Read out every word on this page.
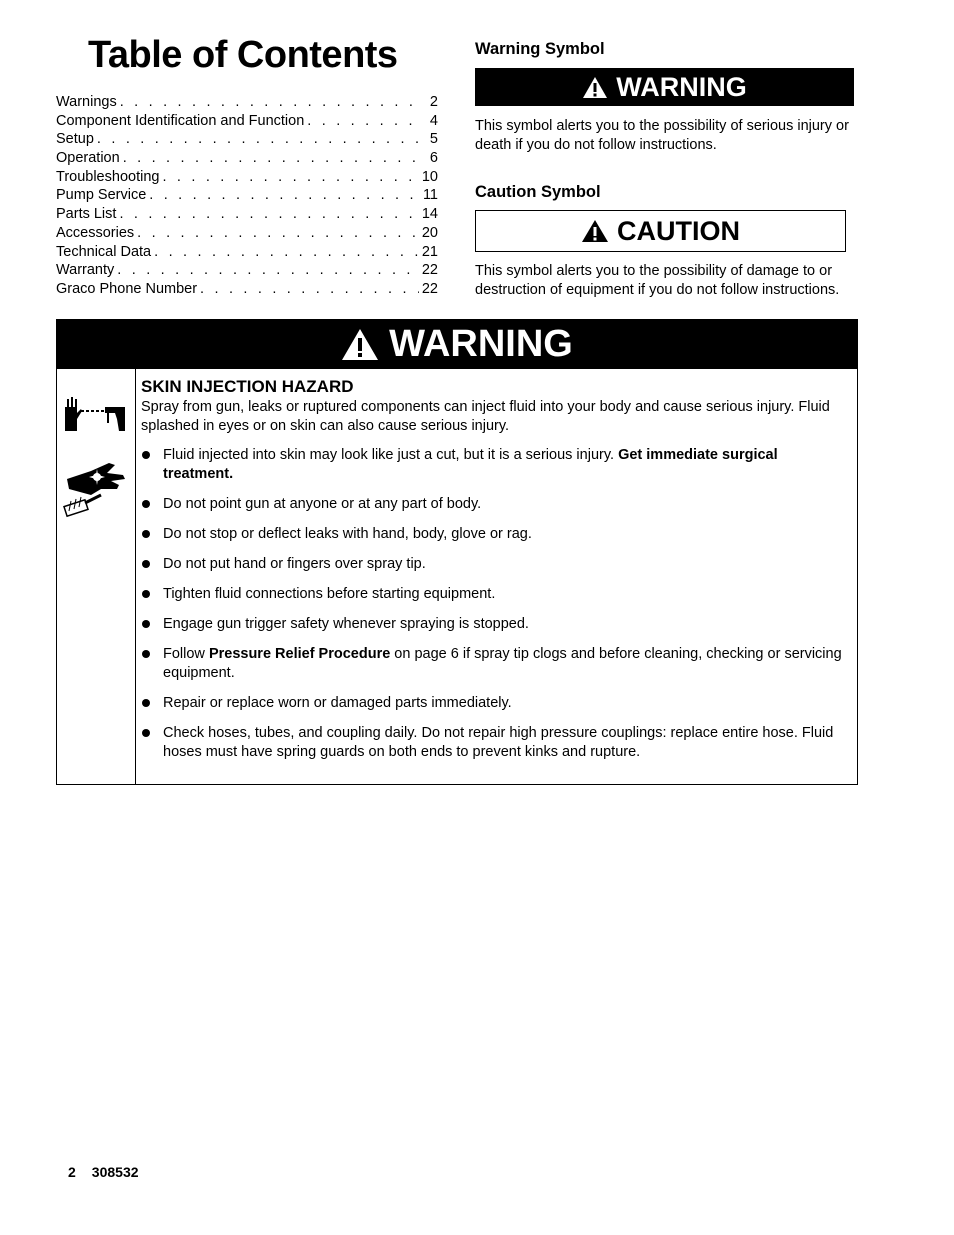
Table of Contents
Warnings . . .	2
Component Identification and Function . . .	4
Setup . . .	5
Operation . . .	6
Troubleshooting . . .	10
Pump Service . . .	11
Parts List . . .	14
Accessories . . .	20
Technical Data . . .	21
Warranty . . .	22
Graco Phone Number . . .	22
Warning Symbol
WARNING

This symbol alerts you to the possibility of serious injury or death if you do not follow instructions.

Caution Symbol
CAUTION

This symbol alerts you to the possibility of damage to or destruction of equipment if you do not follow instructions.

WARNING

SKIN INJECTION HAZARD

Spray from gun, leaks or ruptured components can inject fluid into your body and cause serious injury. Fluid splashed in eyes or on skin can also cause serious injury.

Fluid injected into skin may look like just a cut, but it is a serious injury. Get immediate surgical treatment.
Do not point gun at anyone or at any part of body.
Do not stop or deflect leaks with hand, body, glove or rag.
Do not put hand or fingers over spray tip.
Tighten fluid connections before starting equipment.
Engage gun trigger safety whenever spraying is stopped.
Follow Pressure Relief Procedure on page 6 if spray tip clogs and before cleaning, checking or servicing equipment.
Repair or replace worn or damaged parts immediately.
Check hoses, tubes, and coupling daily. Do not repair high pressure couplings: replace entire hose. Fluid hoses must have spring guards on both ends to prevent kinks and rupture.
2 308532
